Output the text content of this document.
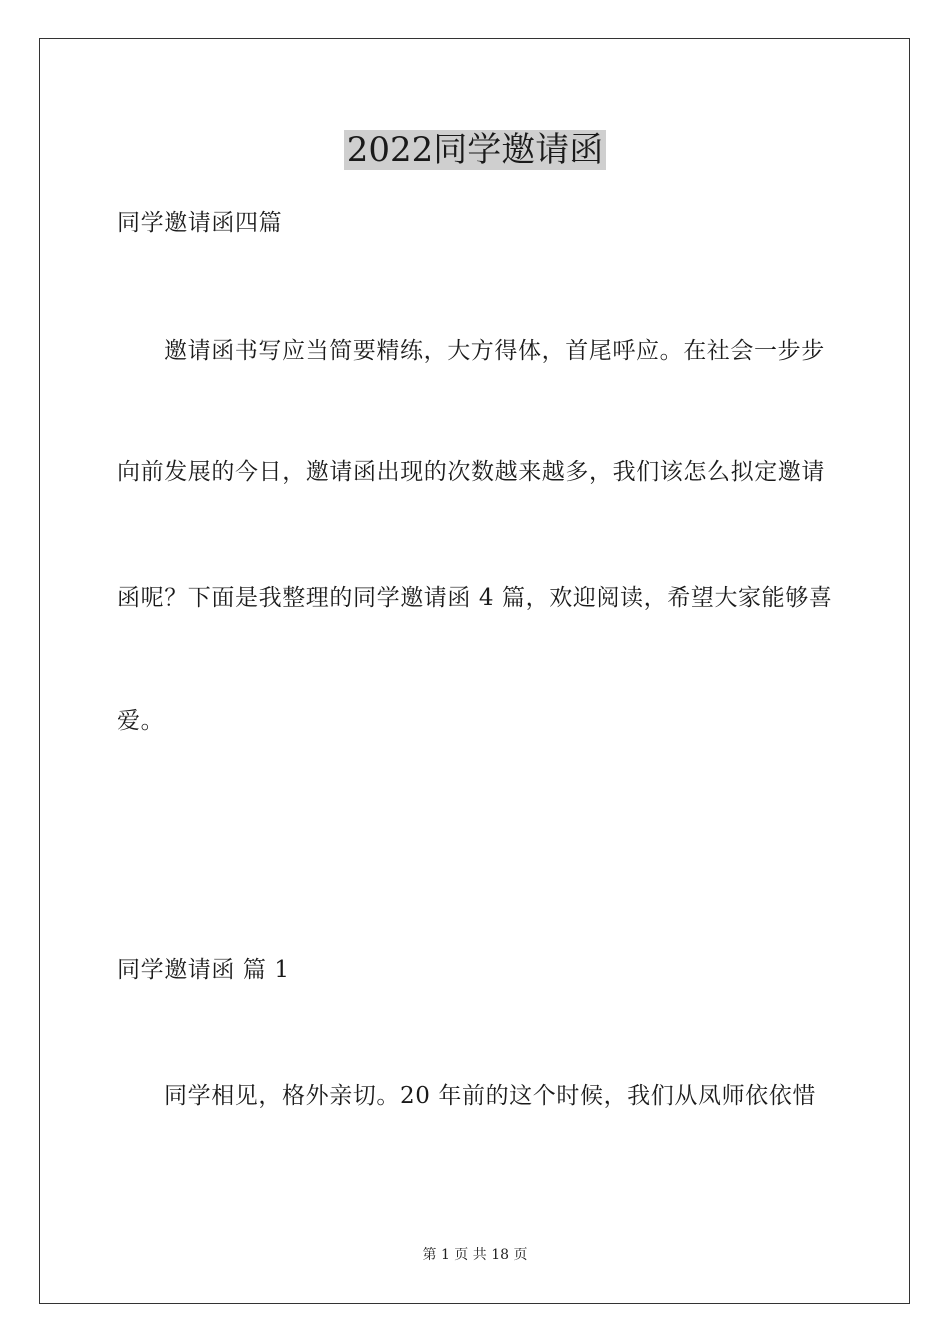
2022同学邀请函
同学邀请函四篇
邀请函书写应当简要精练，大方得体，首尾呼应。在社会一步步
向前发展的今日，邀请函出现的次数越来越多，我们该怎么拟定邀请
函呢？下面是我整理的同学邀请函 4 篇，欢迎阅读，希望大家能够喜
爱。
同学邀请函 篇 1
同学相见，格外亲切。20 年前的这个时候，我们从凤师依依惜
第 1 页 共 18 页
